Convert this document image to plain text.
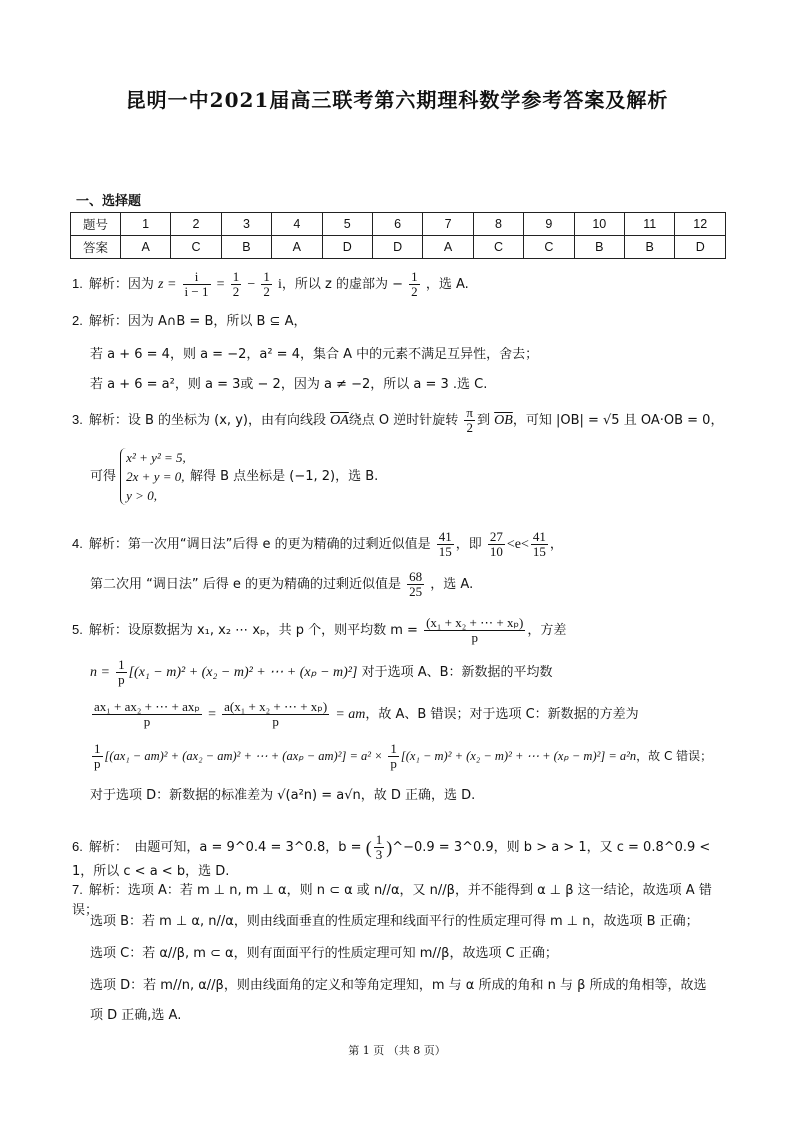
昆明一中2021届高三联考第六期理科数学参考答案及解析
一、选择题
题号	1	2	3	4	5	6	7	8	9	10	11	12
答案	A	C	B	A	D	D	A	C	C	B	B	D
1. 解析：因为 $z = \frac{i}{i - 1} = \frac{1}{2} - \frac{1}{2}$ i，所以 z 的虚部为 − $\frac{1}{2}$ ，选 A.
2. 解析：因为 A∩B = B，所以 B ⊆ A，
若 a + 6 = 4，则 a = −2，a² = 4，集合 A 中的元素不满足互异性，舍去；
若 a + 6 = a²，则 a = 3或 − 2，因为 a ≠ −2，所以 a = 3 .选 C.
3. 解析：设 B 的坐标为 (x, y)，由有向线段 $\overline{OA}$绕点 O 逆时针旋转 $\frac{\pi}{2}$ 到 $\overline{OB}$，可知 |OB| = √5 且 OA·OB = 0，
可得
x² + y² = 5,
2x + y = 0,
y > 0,
解得 B 点坐标是 (−1, 2)，选 B.
4. 解析：第一次用“调日法”后得 e 的更为精确的过剩近似值是 $\frac{41}{15}$ ，即 $\frac{27}{10} <e< \frac{41}{15}$ ，
第二次用 “调日法” 后得 e 的更为精确的过剩近似值是 $\frac{68}{25}$ ，选 A.
5. 解析：设原数据为 x₁, x₂ ⋯ xₚ，共 p 个，则平均数 $m = \frac{\text{(x₁ + x₂ + ⋯ + xₚ)}}{p}$ ，方差
$n = \frac{1}{p} [(x_1 - m)^2 + (x_2 - m)^2$ + ⋯ + (xₚ − m)²] 对于选项 A、B：新数据的平均数
$\frac{\text{ax₁ + ax₂ + ⋯ + axₚ}}{p} = \frac{\text{a(x₁ + x₂ + ⋯ + xₚ)}}{p}$ = am，故 A、B 错误；对于选项 C：新数据的方差为
$\frac{1}{p} [(ax_1 - am)^2 + (ax_2 - am)^2$ + ⋯ + $(ax_p - am)^2] = a^2 \times \frac{1}{p} [(x_1 - m)^2 + (x_2 - m)^2$ + ⋯ + (xₚ − m)²] = a²n，故 C 错误；
对于选项 D：新数据的标准差为 √(a²n) = a√n，故 D 正确，选 D.
6. 解析：　由题可知，a = 9^0.4 = 3^0.8，b = ( $\frac{1}{3}$ )^−0.9 = 3^0.9，则 b > a > 1，又 c = 0.8^0.9 < 1，所以 c < a < b，选 D.
7. 解析：选项 A：若 m ⊥ n, m ⊥ α，则 n ⊂ α 或 n//α，又 n//β，并不能得到 α ⊥ β 这一结论，故选项 A 错误；
选项 B：若 m ⊥ α, n//α，则由线面垂直的性质定理和线面平行的性质定理可得 m ⊥ n，故选项 B 正确；
选项 C：若 α//β, m ⊂ α，则有面面平行的性质定理可知 m//β，故选项 C 正确；
选项 D：若 m//n, α//β，则由线面角的定义和等角定理知，m 与 α 所成的角和 n 与 β 所成的角相等，故选
项 D 正确,选 A.
第 1 页 （共 8 页）
